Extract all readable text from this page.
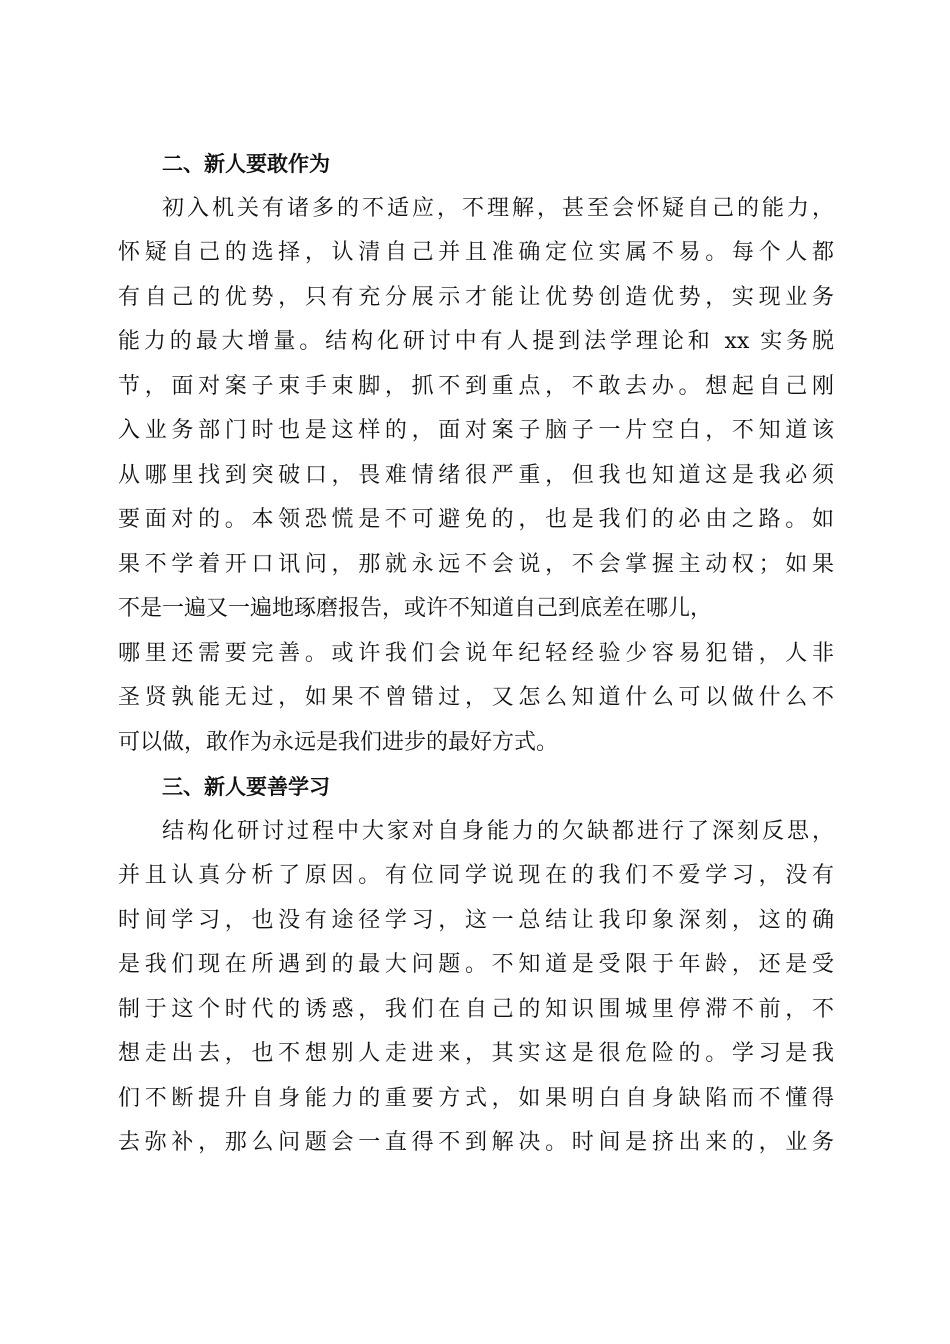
二、新人要敢作为
初入机关有诸多的不适应，不理解，甚至会怀疑自己的能力，
怀疑自己的选择，认清自己并且准确定位实属不易。每个人都
有自己的优势，只有充分展示才能让优势创造优势，实现业务
能力的最大增量。结构化研讨中有人提到法学理论和 xx 实务脱
节，面对案子束手束脚，抓不到重点，不敢去办。想起自己刚
入业务部门时也是这样的，面对案子脑子一片空白，不知道该
从哪里找到突破口，畏难情绪很严重，但我也知道这是我必须
要面对的。本领恐慌是不可避免的，也是我们的必由之路。如
果不学着开口讯问，那就永远不会说，不会掌握主动权；如果
不是一遍又一遍地琢磨报告，或许不知道自己到底差在哪儿，
哪里还需要完善。或许我们会说年纪轻经验少容易犯错，人非
圣贤孰能无过，如果不曾错过，又怎么知道什么可以做什么不
可以做，敢作为永远是我们进步的最好方式。
三、新人要善学习
结构化研讨过程中大家对自身能力的欠缺都进行了深刻反思，
并且认真分析了原因。有位同学说现在的我们不爱学习，没有
时间学习，也没有途径学习，这一总结让我印象深刻，这的确
是我们现在所遇到的最大问题。不知道是受限于年龄，还是受
制于这个时代的诱惑，我们在自己的知识围城里停滞不前，不
想走出去，也不想别人走进来，其实这是很危险的。学习是我
们不断提升自身能力的重要方式，如果明白自身缺陷而不懂得
去弥补，那么问题会一直得不到解决。时间是挤出来的，业务
